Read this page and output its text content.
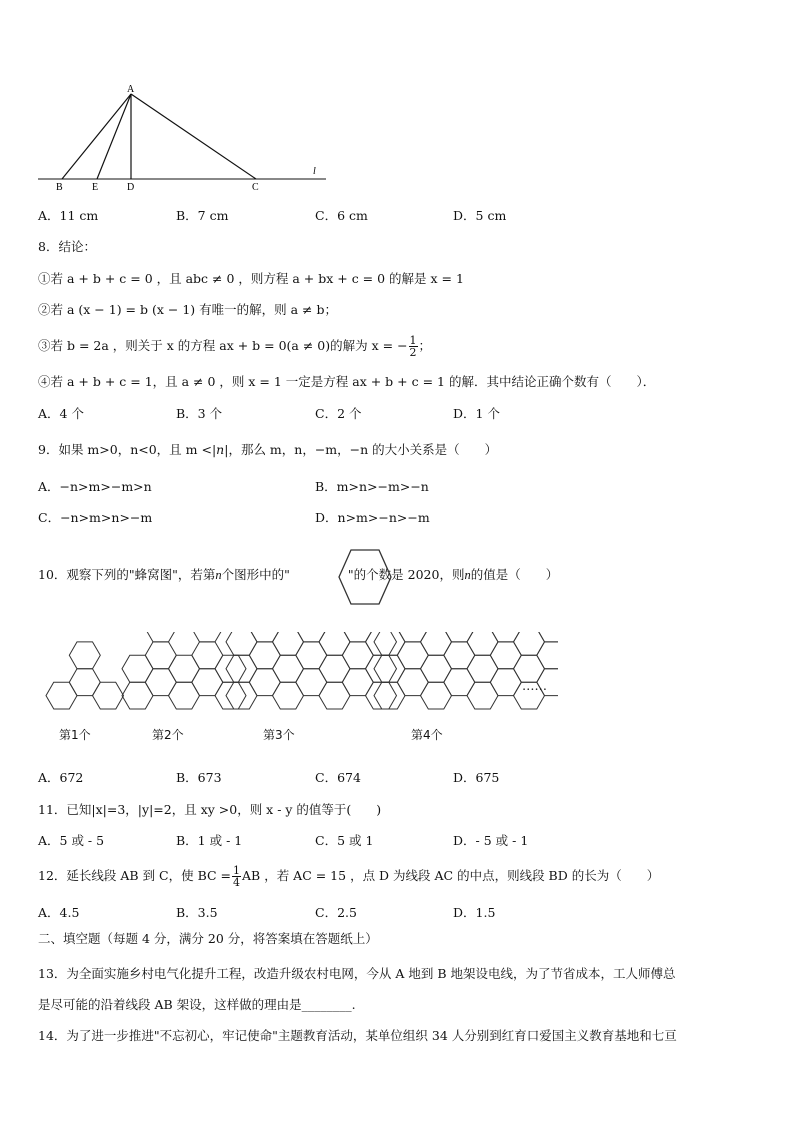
A
B	E	D	C
l
A．11 cm	B．7 cm	C．6 cm	D．5 cm
8．结论：
①若 a + b + c = 0 ，且 abc ≠ 0 ，则方程 a + bx + c = 0 的解是 x = 1
②若 a (x − 1) = b (x − 1) 有唯一的解，则 a ≠ b；
③若 b = 2a ，则关于 x 的方程 ax + b = 0(a ≠ 0)的解为 x = − $\frac{1}{2}$ ；
④若 a + b + c = 1，且 a ≠ 0 ，则 x = 1 一定是方程 ax + b + c = 1 的解．其中结论正确个数有（　　）．
A．4 个	B．3 个	C．2 个	D．1 个
9．如果 m>0，n<0，且 m <|n|，那么 m，n，−m，−n 的大小关系是（　　）
A．−n>m>−m>n	B．m>n>−m>−n
C．−n>m>n>−m	D．n>m>−n>−m
10．观察下列的"蜂窝图"，若第n个图形中的"	"的个数是 2020，则n的值是（　　）
第1个	第2个	第3个	第4个
……
A．672	B．673	C．674	D．675
11．已知|x|=3，|y|=2，且 xy >0，则 x - y 的值等于(　　)
A．5 或 - 5	B．1 或 - 1	C．5 或 1	D．- 5 或 - 1
12．延长线段 AB 到 C，使 BC = $\frac{1}{4}$ AB ，若 AC = 15 ，点 D 为线段 AC 的中点，则线段 BD 的长为（　　）
A．4.5	B．3.5	C．2.5	D．1.5
二、填空题（每题 4 分，满分 20 分，将答案填在答题纸上）
13．为全面实施乡村电气化提升工程，改造升级农村电网，今从 A 地到 B 地架设电线，为了节省成本，工人师傅总
是尽可能的沿着线段 AB 架设，这样做的理由是________.
14．为了进一步推进"不忘初心，牢记使命"主题教育活动，某单位组织 34 人分别到红育口爱国主义教育基地和七亘
